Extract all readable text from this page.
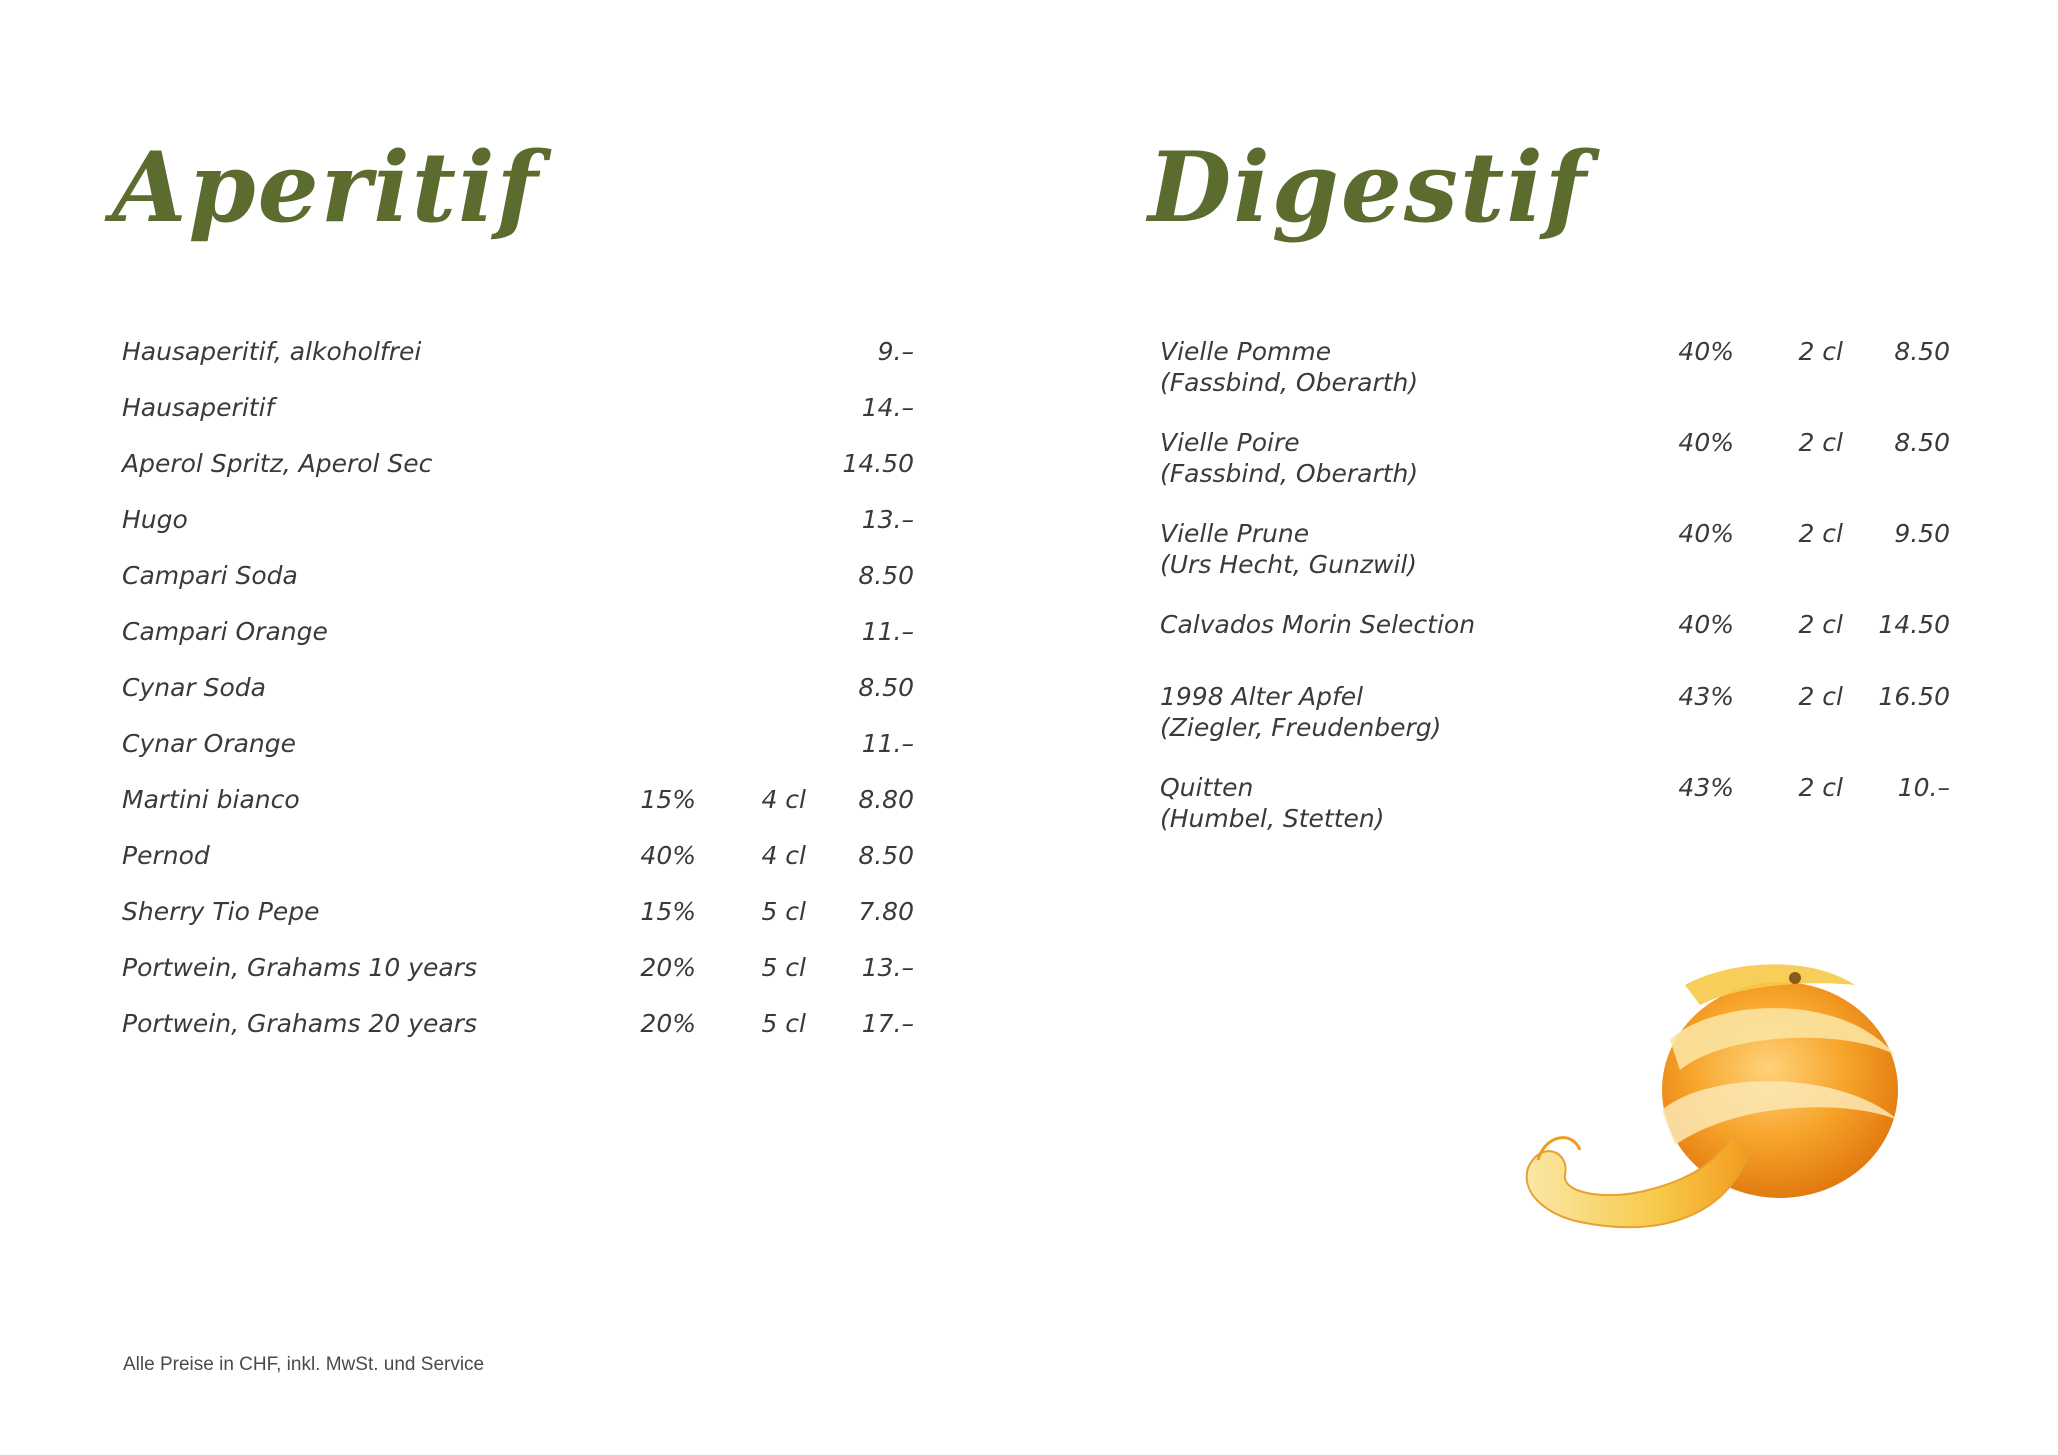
Aperitif	Digestif
Hausaperitif, alkoholfrei	9.–
Hausaperitif	14.–
Aperol Spritz, Aperol Sec	14.50
Hugo	13.–
Campari Soda	8.50
Campari Orange	11.–
Cynar Soda	8.50
Cynar Orange	11.–
Martini bianco	15%	4 cl 8.80
Pernod	40%	4 cl 8.50
Sherry Tio Pepe	15%	5 cl 7.80
Portwein, Grahams 10 years	20%	5 cl 13.–
Portwein, Grahams 20 years	20%	5 cl 17.–
Vielle Pomme
(Fassbind, Oberarth)
40%	2 cl 8.50
Vielle Poire
(Fassbind, Oberarth)
40%	2 cl 8.50
Vielle Prune
(Urs Hecht, Gunzwil)
40%	2 cl 9.50
Calvados Morin Selection	40%	2 cl 14.50
1998 Alter Apfel
(Ziegler, Freudenberg)
43%	2 cl 16.50
Quitten
(Humbel, Stetten)
43%	2 cl 10.–
Alle Preise in CHF, inkl. MwSt. und Service
